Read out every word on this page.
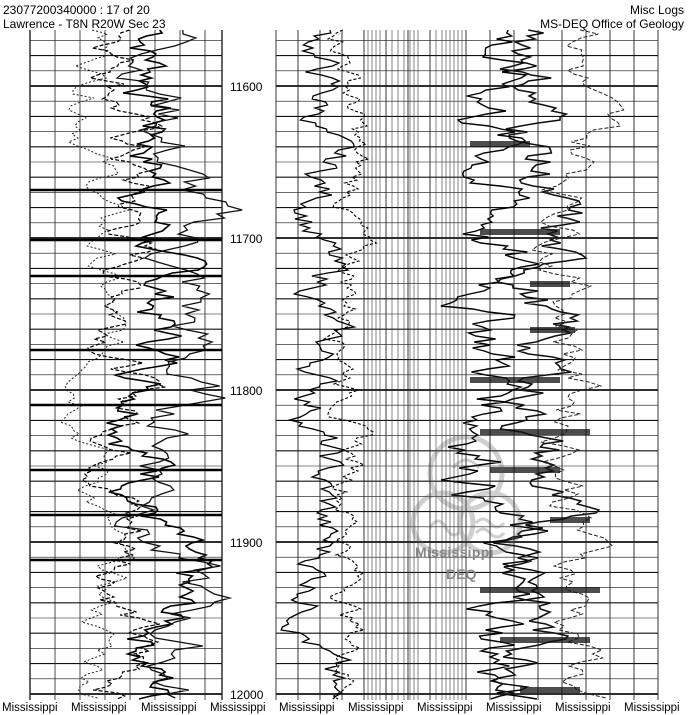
23077200340000 : 17 of 20
Lawrence - T8N R20W Sec 23
Misc Logs
MS-DEQ Office of Geology
Mississippi
DEQ
11600
11700
11800
11900
12000
Mississippi Mississippi Mississippi Mississippi Mississippi Mississippi Mississippi Mississippi Mississippi Mississippi
